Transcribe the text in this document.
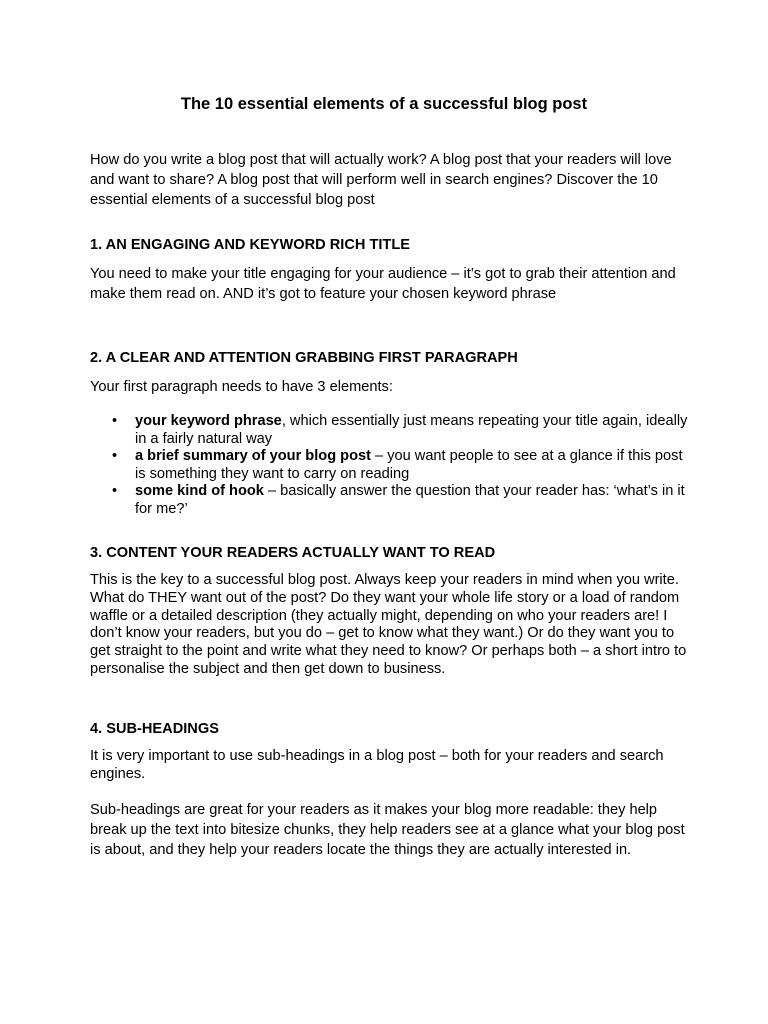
The 10 essential elements of a successful blog post

How do you write a blog post that will actually work? A blog post that your readers will love and want to share? A blog post that will perform well in search engines? Discover the 10 essential elements of a successful blog post

1. AN ENGAGING AND KEYWORD RICH TITLE

You need to make your title engaging for your audience – it’s got to grab their attention and make them read on. AND it’s got to feature your chosen keyword phrase

2. A CLEAR AND ATTENTION GRABBING FIRST PARAGRAPH

Your first paragraph needs to have 3 elements:

• your keyword phrase, which essentially just means repeating your title again, ideally in a fairly natural way
• a brief summary of your blog post – you want people to see at a glance if this post is something they want to carry on reading
• some kind of hook – basically answer the question that your reader has: ‘what’s in it for me?’
3. CONTENT YOUR READERS ACTUALLY WANT TO READ

This is the key to a successful blog post. Always keep your readers in mind when you write. What do THEY want out of the post? Do they want your whole life story or a load of random waffle or a detailed description (they actually might, depending on who your readers are! I don’t know your readers, but you do – get to know what they want.) Or do they want you to get straight to the point and write what they need to know? Or perhaps both – a short intro to personalise the subject and then get down to business.

4. SUB-HEADINGS

It is very important to use sub-headings in a blog post – both for your readers and search engines.

Sub-headings are great for your readers as it makes your blog more readable: they help break up the text into bitesize chunks, they help readers see at a glance what your blog post is about, and they help your readers locate the things they are actually interested in.
